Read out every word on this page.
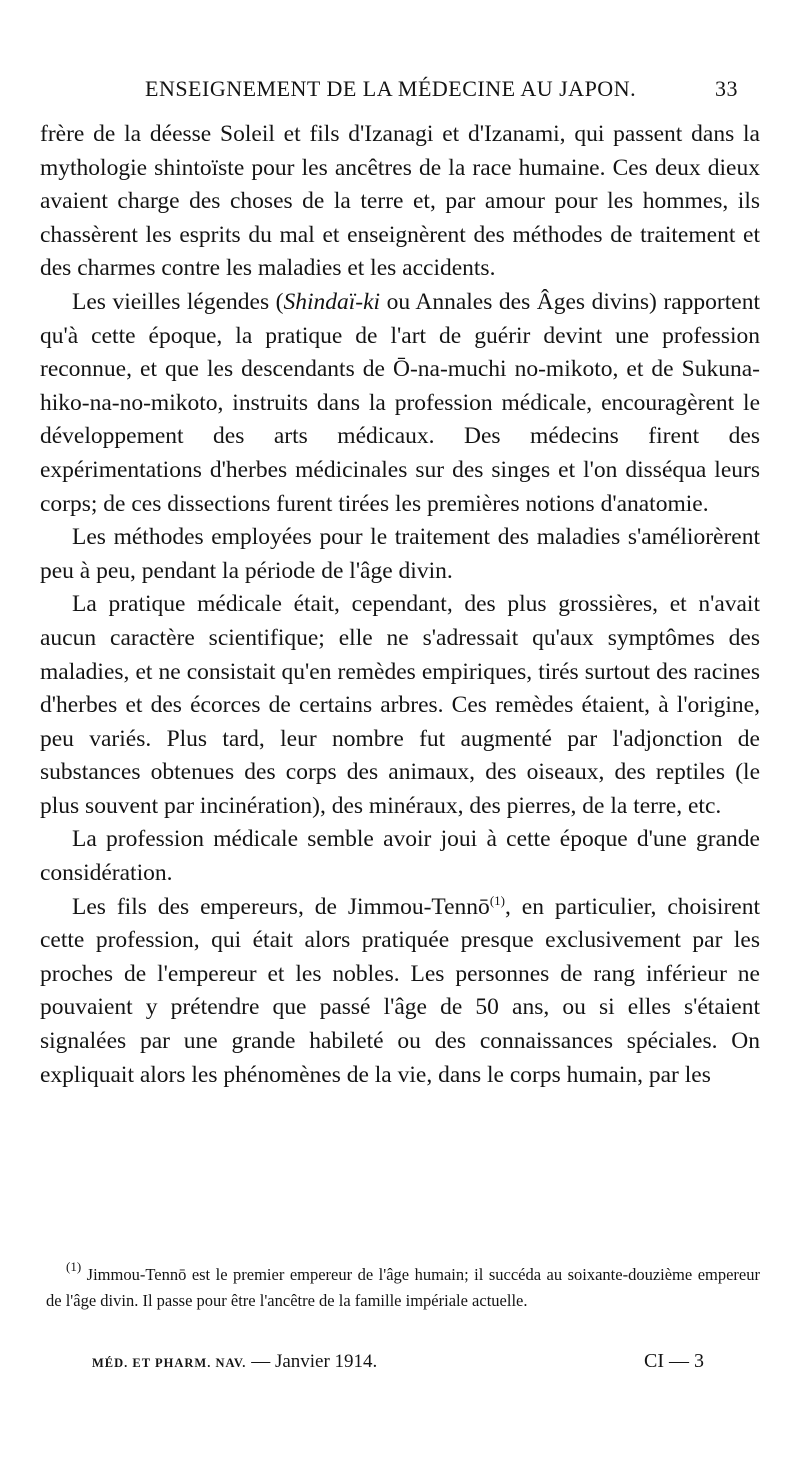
ENSEIGNEMENT DE LA MÉDECINE AU JAPON.	33

frère de la déesse Soleil et fils d'Izanagi et d'Izanami, qui passent dans la mythologie shintoïste pour les ancêtres de la race humaine. Ces deux dieux avaient charge des choses de la terre et, par amour pour les hommes, ils chassèrent les esprits du mal et enseignèrent des méthodes de traitement et des charmes contre les maladies et les accidents.

Les vieilles légendes (Shindaï-ki ou Annales des Âges divins) rapportent qu'à cette époque, la pratique de l'art de guérir devint une profession reconnue, et que les descendants de Ō-na-muchi no-mikoto, et de Sukuna-hiko-na-no-mikoto, instruits dans la profession médicale, encouragèrent le développement des arts médicaux. Des médecins firent des expérimentations d'herbes médicinales sur des singes et l'on disséqua leurs corps; de ces dissections furent tirées les premières notions d'anatomie.

Les méthodes employées pour le traitement des maladies s'améliorèrent peu à peu, pendant la période de l'âge divin.

La pratique médicale était, cependant, des plus grossières, et n'avait aucun caractère scientifique; elle ne s'adressait qu'aux symptômes des maladies, et ne consistait qu'en remèdes empiriques, tirés surtout des racines d'herbes et des écorces de certains arbres. Ces remèdes étaient, à l'origine, peu variés. Plus tard, leur nombre fut augmenté par l'adjonction de substances obtenues des corps des animaux, des oiseaux, des reptiles (le plus souvent par incinération), des minéraux, des pierres, de la terre, etc.

La profession médicale semble avoir joui à cette époque d'une grande considération.

Les fils des empereurs, de Jimmou-Tennō$^{(1)}$, en particulier, choisirent cette profession, qui était alors pratiquée presque exclusivement par les proches de l'empereur et les nobles. Les personnes de rang inférieur ne pouvaient y prétendre que passé l'âge de 50 ans, ou si elles s'étaient signalées par une grande habileté ou des connaissances spéciales. On expliquait alors les phénomènes de la vie, dans le corps humain, par les

$^{(1)}$ Jimmou-Tennō est le premier empereur de l'âge humain; il succéda au soixante-douzième empereur de l'âge divin. Il passe pour être l'ancêtre de la famille impériale actuelle.

MÉD. ET PHARM. NAV. — Janvier 1914.	CI — 3
